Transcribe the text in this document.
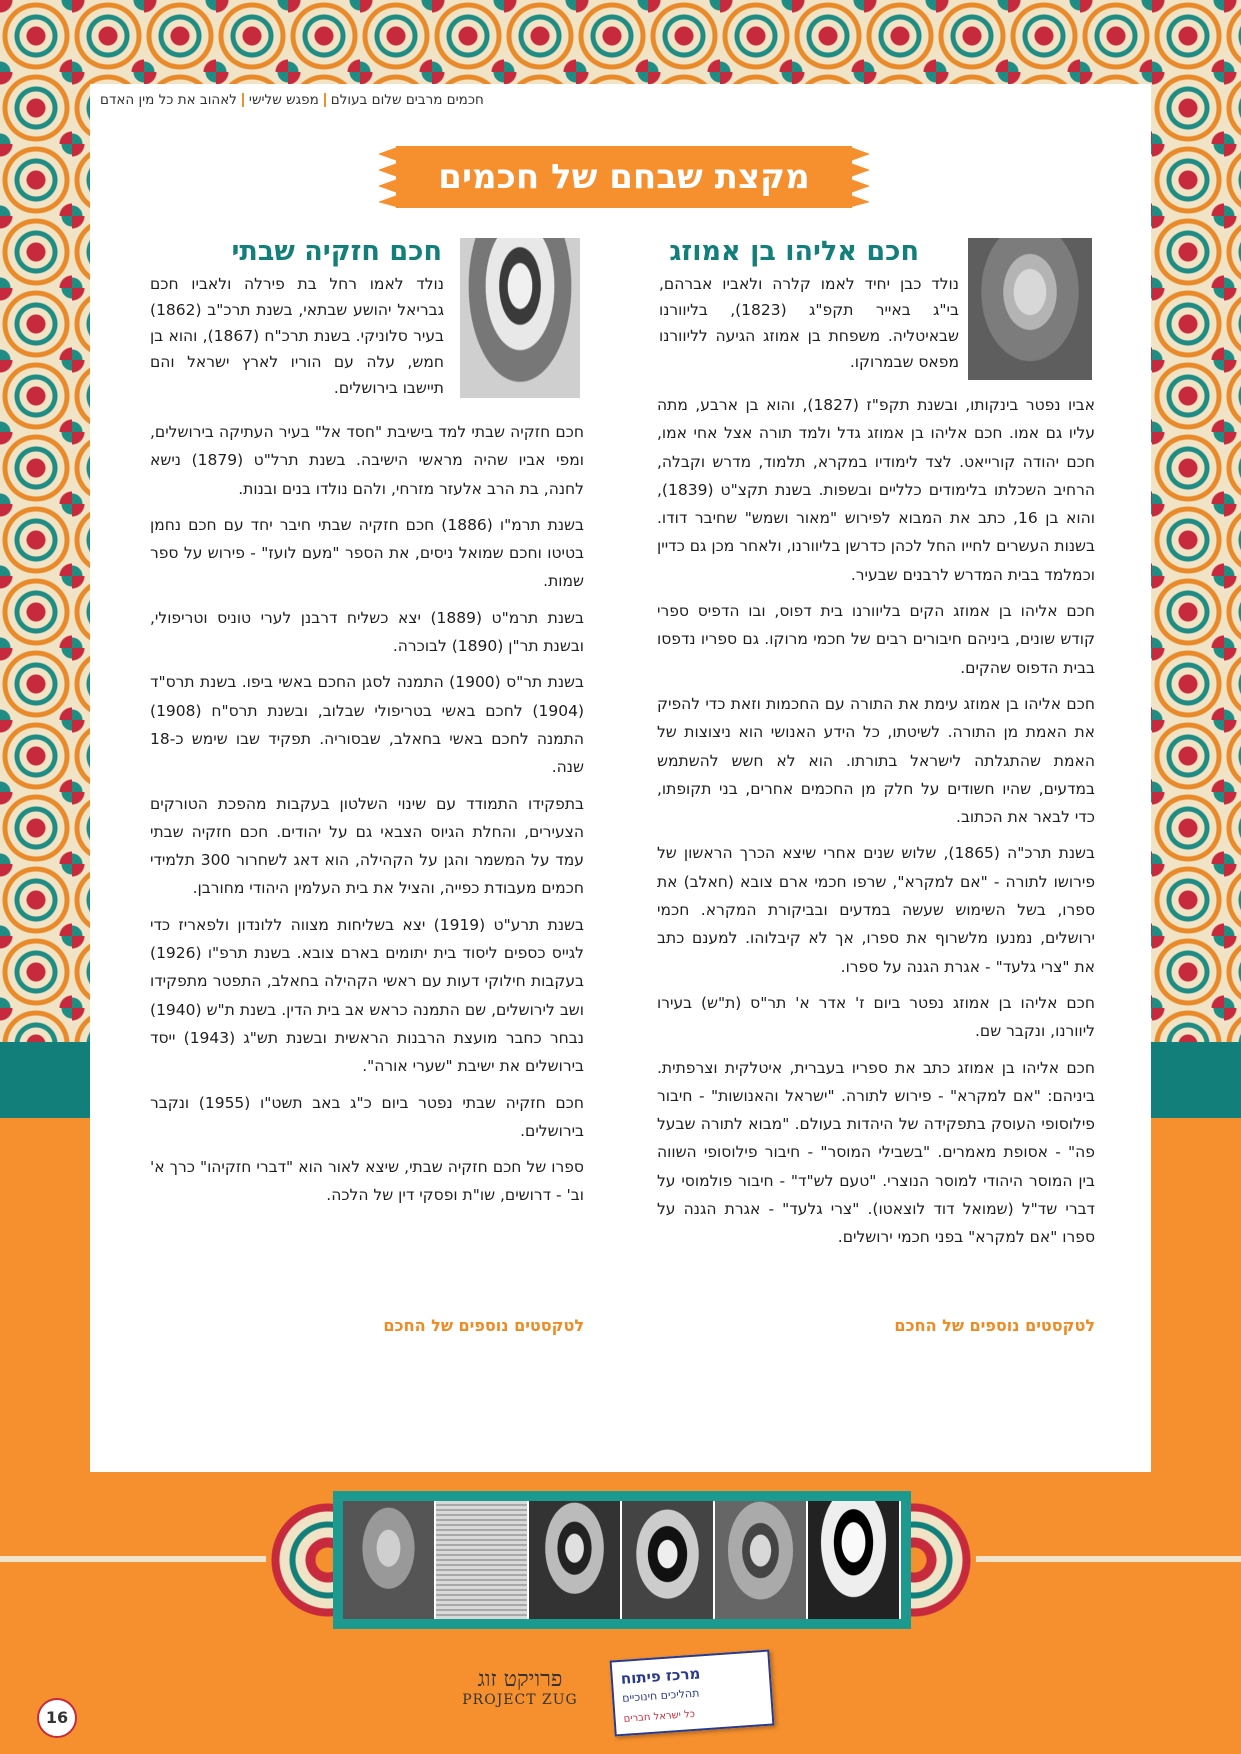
חכמים מרבים שלום בעולםמפגש שלישילאהוב את כל מין האדם
מקצת שבחם של חכמים
חכם אליהו בן אמוזג
נולד כבן יחיד לאמו קלרה ולאביו אברהם, בי"ג באייר תקפ"ג (1823), בליוורנו שבאיטליה. משפחת בן אמוזג הגיעה לליוורנו מפאס שבמרוקו.

אביו נפטר בינקותו, ובשנת תקפ"ז (1827), והוא בן ארבע, מתה עליו גם אמו. חכם אליהו בן אמוזג גדל ולמד תורה אצל אחי אמו, חכם יהודה קורייאט. לצד לימודיו במקרא, תלמוד, מדרש וקבלה, הרחיב השכלתו בלימודים כלליים ובשפות. בשנת תקצ"ט (1839), והוא בן 16, כתב את המבוא לפירוש "מאור ושמש" שחיבר דודו. בשנות העשרים לחייו החל לכהן כדרשן בליוורנו, ולאחר מכן גם כדיין וכמלמד בבית המדרש לרבנים שבעיר.

חכם אליהו בן אמוזג הקים בליוורנו בית דפוס, ובו הדפיס ספרי קודש שונים, ביניהם חיבורים רבים של חכמי מרוקו. גם ספריו נדפסו בבית הדפוס שהקים.

חכם אליהו בן אמוזג עימת את התורה עם החכמות וזאת כדי להפיק את האמת מן התורה. לשיטתו, כל הידע האנושי הוא ניצוצות של האמת שהתגלתה לישראל בתורתו. הוא לא חשש להשתמש במדעים, שהיו חשודים על חלק מן החכמים אחרים, בני תקופתו, כדי לבאר את הכתוב.

בשנת תרכ"ה (1865), שלוש שנים אחרי שיצא הכרך הראשון של פירושו לתורה - "אם למקרא", שרפו חכמי ארם צובא (חאלב) את ספרו, בשל השימוש שעשה במדעים ובביקורת המקרא. חכמי ירושלים, נמנעו מלשרוף את ספרו, אך לא קיבלוהו. למענם כתב את "צרי גלעד" - אגרת הגנה על ספרו.

חכם אליהו בן אמוזג נפטר ביום ז' אדר א' תר"ס (ת"ש) בעירו ליוורנו, ונקבר שם.

חכם אליהו בן אמוזג כתב את ספריו בעברית, איטלקית וצרפתית. ביניהם: "אם למקרא" - פירוש לתורה. "ישראל והאנושות" - חיבור פילוסופי העוסק בתפקידה של היהדות בעולם. "מבוא לתורה שבעל פה" - אסופת מאמרים. "בשבילי המוסר" - חיבור פילוסופי השווה בין המוסר היהודי למוסר הנוצרי. "טעם לש"ד" - חיבור פולמוסי על דברי שד"ל (שמואל דוד לוצאטו). "צרי גלעד" - אגרת הגנה על ספרו "אם למקרא" בפני חכמי ירושלים.

לטקסטים נוספים של החכם
חכם חזקיה שבתי
נולד לאמו רחל בת פירלה ולאביו חכם גבריאל יהושע שבתאי, בשנת תרכ"ב (1862) בעיר סלוניקי. בשנת תרכ"ח (1867), והוא בן חמש, עלה עם הוריו לארץ ישראל והם תיישבו בירושלים.

חכם חזקיה שבתי למד בישיבת "חסד אל" בעיר העתיקה בירושלים, ומפי אביו שהיה מראשי הישיבה. בשנת תרל"ט (1879) נישא לחנה, בת הרב אלעזר מזרחי, ולהם נולדו בנים ובנות.

בשנת תרמ"ו (1886) חכם חזקיה שבתי חיבר יחד עם חכם נחמן בטיטו וחכם שמואל ניסים, את הספר "מעם לועז" - פירוש על ספר שמות.

בשנת תרמ"ט (1889) יצא כשליח דרבנן לערי טוניס וטריפולי, ובשנת תר"ן (1890) לבוכרה.

בשנת תר"ס (1900) התמנה לסגן החכם באשי ביפו. בשנת תרס"ד (1904) לחכם באשי בטריפולי שבלוב, ובשנת תרס"ח (1908) התמנה לחכם באשי בחאלב, שבסוריה. תפקיד שבו שימש כ-18 שנה.

בתפקידו התמודד עם שינוי השלטון בעקבות מהפכת הטורקים הצעירים, והחלת הגיוס הצבאי גם על יהודים. חכם חזקיה שבתי עמד על המשמר והגן על הקהילה, הוא דאג לשחרור 300 תלמידי חכמים מעבודת כפייה, והציל את בית העלמין היהודי מחורבן.

בשנת תרע"ט (1919) יצא בשליחות מצווה ללונדון ולפאריז כדי לגייס כספים ליסוד בית יתומים בארם צובא. בשנת תרפ"ו (1926) בעקבות חילוקי דעות עם ראשי הקהילה בחאלב, התפטר מתפקידו ושב לירושלים, שם התמנה כראש אב בית הדין. בשנת ת"ש (1940) נבחר כחבר מועצת הרבנות הראשית ובשנת תש"ג (1943) ייסד בירושלים את ישיבת "שערי אורה".

חכם חזקיה שבתי נפטר ביום כ"ג באב תשט"ו (1955) ונקבר בירושלים.

ספרו של חכם חזקיה שבתי, שיצא לאור הוא "דברי חזקיהו" כרך א' וב' - דרושים, שו"ת ופסקי דין של הלכה.

לטקסטים נוספים של החכם
פרויקט זוג
PROJECT ZUG
מרכז פיתוח
תהליכים חינוכיים
כל ישראל חברים
16
